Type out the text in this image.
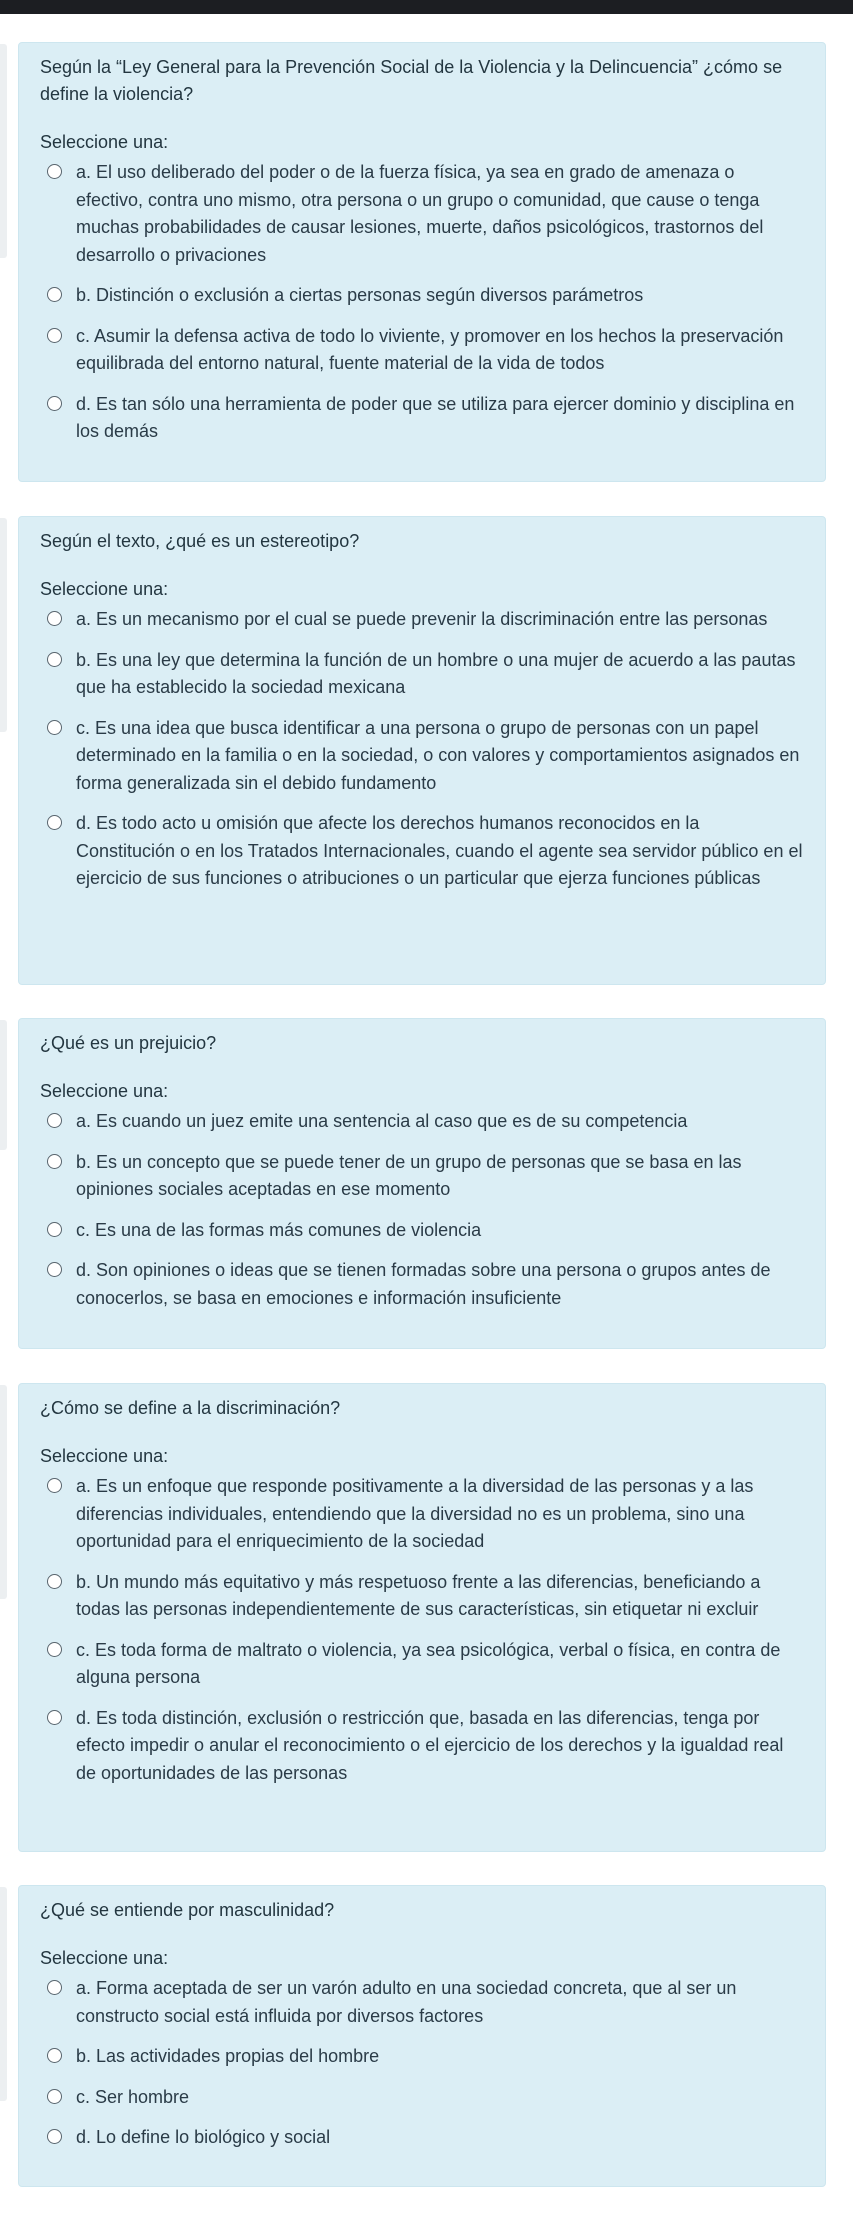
Según la “Ley General para la Prevención Social de la Violencia y la Delincuencia” ¿cómo se define la violencia?
Seleccione una:
a. El uso deliberado del poder o de la fuerza física, ya sea en grado de amenaza o efectivo, contra uno mismo, otra persona o un grupo o comunidad, que cause o tenga muchas probabilidades de causar lesiones, muerte, daños psicológicos, trastornos del desarrollo o privaciones
b. Distinción o exclusión a ciertas personas según diversos parámetros
c. Asumir la defensa activa de todo lo viviente, y promover en los hechos la preservación equilibrada del entorno natural, fuente material de la vida de todos
d. Es tan sólo una herramienta de poder que se utiliza para ejercer dominio y disciplina en los demás
Según el texto, ¿qué es un estereotipo?
Seleccione una:
a. Es un mecanismo por el cual se puede prevenir la discriminación entre las personas
b. Es una ley que determina la función de un hombre o una mujer de acuerdo a las pautas que ha establecido la sociedad mexicana
c. Es una idea que busca identificar a una persona o grupo de personas con un papel determinado en la familia o en la sociedad, o con valores y comportamientos asignados en forma generalizada sin el debido fundamento
d. Es todo acto u omisión que afecte los derechos humanos reconocidos en la Constitución o en los Tratados Internacionales, cuando el agente sea servidor público en el ejercicio de sus funciones o atribuciones o un particular que ejerza funciones públicas
¿Qué es un prejuicio?
Seleccione una:
a. Es cuando un juez emite una sentencia al caso que es de su competencia
b. Es un concepto que se puede tener de un grupo de personas que se basa en las opiniones sociales aceptadas en ese momento
c. Es una de las formas más comunes de violencia
d. Son opiniones o ideas que se tienen formadas sobre una persona o grupos antes de conocerlos, se basa en emociones e información insuficiente
¿Cómo se define a la discriminación?
Seleccione una:
a. Es un enfoque que responde positivamente a la diversidad de las personas y a las diferencias individuales, entendiendo que la diversidad no es un problema, sino una oportunidad para el enriquecimiento de la sociedad
b. Un mundo más equitativo y más respetuoso frente a las diferencias, beneficiando a todas las personas independientemente de sus características, sin etiquetar ni excluir
c. Es toda forma de maltrato o violencia, ya sea psicológica, verbal o física, en contra de alguna persona
d. Es toda distinción, exclusión o restricción que, basada en las diferencias, tenga por efecto impedir o anular el reconocimiento o el ejercicio de los derechos y la igualdad real de oportunidades de las personas
¿Qué se entiende por masculinidad?
Seleccione una:
a. Forma aceptada de ser un varón adulto en una sociedad concreta, que al ser un constructo social está influida por diversos factores
b. Las actividades propias del hombre
c. Ser hombre
d. Lo define lo biológico y social
